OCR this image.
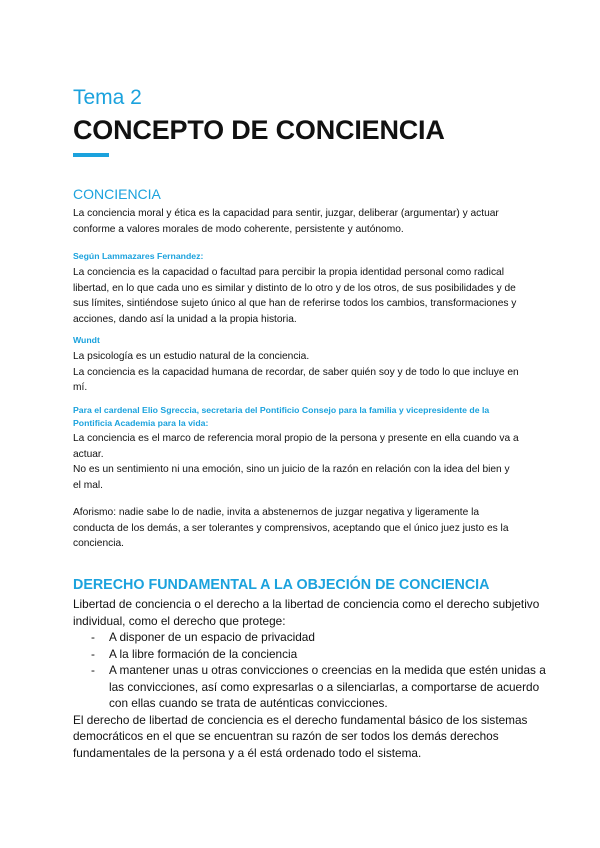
Tema 2
CONCEPTO DE CONCIENCIA
CONCIENCIA

La conciencia moral y ética es la capacidad para sentir, juzgar, deliberar (argumentar) y actuar

conforme a valores morales de modo coherente, persistente y autónomo.

Según Lammazares Fernandez:

La conciencia es la capacidad o facultad para percibir la propia identidad personal como radical

libertad, en lo que cada uno es similar y distinto de lo otro y de los otros, de sus posibilidades y de

sus límites, sintiéndose sujeto único al que han de referirse todos los cambios, transformaciones y

acciones, dando así la unidad a la propia historia.

Wundt

La psicología es un estudio natural de la conciencia.

La conciencia es la capacidad humana de recordar, de saber quién soy y de todo lo que incluye en

mí.

Para el cardenal Elio Sgreccia, secretaria del Pontificio Consejo para la familia y vicepresidente de la

Pontificia Academia para la vida:

La conciencia es el marco de referencia moral propio de la persona y presente en ella cuando va a

actuar.

No es un sentimiento ni una emoción, sino un juicio de la razón en relación con la idea del bien y

el mal.

Aforismo: nadie sabe lo de nadie, invita a abstenernos de juzgar negativa y ligeramente la

conducta de los demás, a ser tolerantes y comprensivos, aceptando que el único juez justo es la

conciencia.

DERECHO FUNDAMENTAL A LA OBJECIÓN DE CONCIENCIA

Libertad de conciencia o el derecho a la libertad de conciencia como el derecho subjetivo

individual, como el derecho que protege:

- A disponer de un espacio de privacidad
- A la libre formación de la conciencia
- A mantener unas u otras convicciones o creencias en la medida que estén unidas a
las convicciones, así como expresarlas o a silenciarlas, a comportarse de acuerdo
con ellas cuando se trata de auténticas convicciones.

El derecho de libertad de conciencia es el derecho fundamental básico de los sistemas

democráticos en el que se encuentran su razón de ser todos los demás derechos

fundamentales de la persona y a él está ordenado todo el sistema.
